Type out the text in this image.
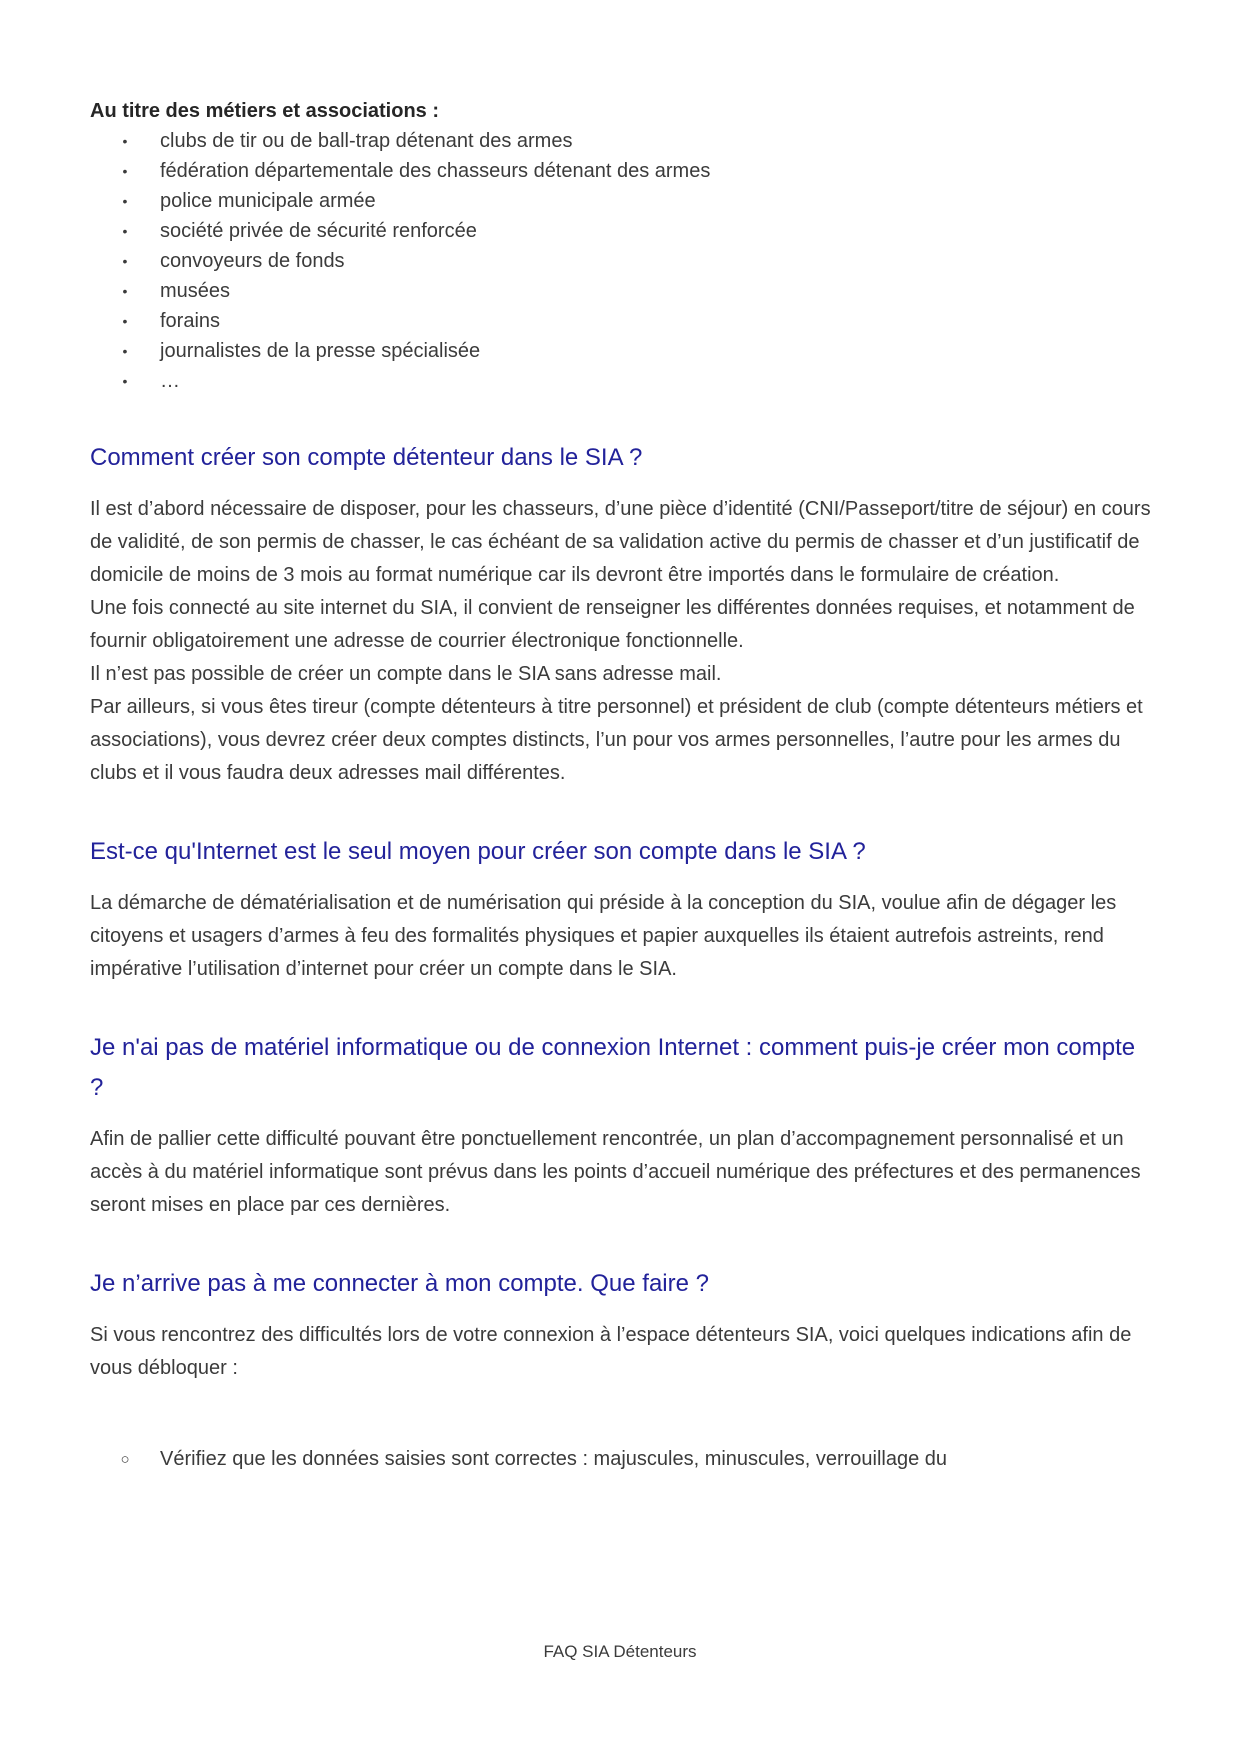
Au titre des métiers et associations :

•	clubs de tir ou de ball-trap détenant des armes
•	fédération départementale des chasseurs détenant des armes
•	police municipale armée
•	société privée de sécurité renforcée
•	convoyeurs de fonds
•	musées
•	forains
•	journalistes de la presse spécialisée
•	…
Comment créer son compte détenteur dans le SIA ?

Il est d’abord nécessaire de disposer, pour les chasseurs, d’une pièce d’identité (CNI/Passeport/titre de séjour) en cours de validité, de son permis de chasser, le cas échéant de sa validation active du permis de chasser et d’un justificatif de domicile de moins de 3 mois au format numérique car ils devront être importés dans le formulaire de création.

Une fois connecté au site internet du SIA, il convient de renseigner les différentes données requises, et notamment de fournir obligatoirement une adresse de courrier électronique fonctionnelle.

Il n’est pas possible de créer un compte dans le SIA sans adresse mail.

Par ailleurs, si vous êtes tireur (compte détenteurs à titre personnel) et président de club (compte détenteurs métiers et associations), vous devrez créer deux comptes distincts, l’un pour vos armes personnelles, l’autre pour les armes du clubs et il vous faudra deux adresses mail différentes.

Est-ce qu'Internet est le seul moyen pour créer son compte dans le SIA ?

La démarche de dématérialisation et de numérisation qui préside à la conception du SIA, voulue afin de dégager les citoyens et usagers d’armes à feu des formalités physiques et papier auxquelles ils étaient autrefois astreints, rend impérative l’utilisation d’internet pour créer un compte dans le SIA.

Je n'ai pas de matériel informatique ou de connexion Internet : comment puis-je créer mon compte ?

Afin de pallier cette difficulté pouvant être ponctuellement rencontrée, un plan d’accompagnement personnalisé et un accès à du matériel informatique sont prévus dans les points d’accueil numérique des préfectures et des permanences seront mises en place par ces dernières.

Je n’arrive pas à me connecter à mon compte. Que faire ?

Si vous rencontrez des difficultés lors de votre connexion à l’espace détenteurs SIA, voici quelques indications afin de vous débloquer :

○	Vérifiez que les données saisies sont correctes : majuscules, minuscules, verrouillage du
FAQ SIA Détenteurs
